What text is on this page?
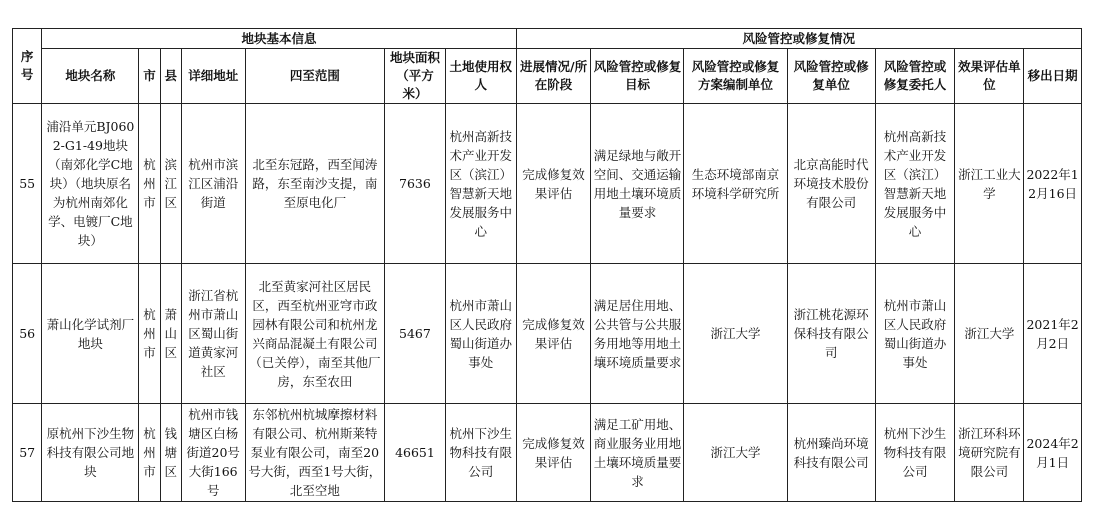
序号	地块基本信息							风险管控或修复情况						
	地块名称	市	县	详细地址	四至范围	地块面积（平方米）	土地使用权人	进展情况/所在阶段	风险管控或修复目标	风险管控或修复方案编制单位	风险管控或修复单位	风险管控或修复委托人	效果评估单位	移出日期
55	浦沿单元BJ0602-G1-49地块（南郊化学C地块）（地块原名为杭州南郊化学、电镀厂C地块）	杭州市	滨江区	杭州市滨江区浦沿街道	北至东冠路，西至闻涛路，东至南沙支提，南至原电化厂	7636	杭州高新技术产业开发区（滨江）智慧新天地发展服务中心	完成修复效果评估	满足绿地与敞开空间、交通运输用地土壤环境质量要求	生态环境部南京环境科学研究所	北京高能时代环境技术股份有限公司	杭州高新技术产业开发区（滨江）智慧新天地发展服务中心	浙江工业大学	2022年12月16日
56	萧山化学试剂厂地块	杭州市	萧山区	浙江省杭州市萧山区蜀山街道黄家河社区	北至黄家河社区居民区，西至杭州亚穹市政园林有限公司和杭州龙兴商品混凝土有限公司（已关停），南至其他厂房，东至农田	5467	杭州市萧山区人民政府蜀山街道办事处	完成修复效果评估	满足居住用地、公共管与公共服务用地等用地土壤环境质量要求	浙江大学	浙江桃花源环保科技有限公司	杭州市萧山区人民政府蜀山街道办事处	浙江大学	2021年2月2日
57	原杭州下沙生物科技有限公司地块	杭州市	钱塘区	杭州市钱塘区白杨街道20号大街166号	东邻杭州杭城摩擦材料有限公司、杭州斯莱特泵业有限公司，南至20号大街，西至1号大街，北至空地	46651	杭州下沙生物科技有限公司	完成修复效果评估	满足工矿用地、商业服务业用地土壤环境质量要求	浙江大学	杭州臻尚环境科技有限公司	杭州下沙生物科技有限公司	浙江环科环境研究院有限公司	2024年2月1日
